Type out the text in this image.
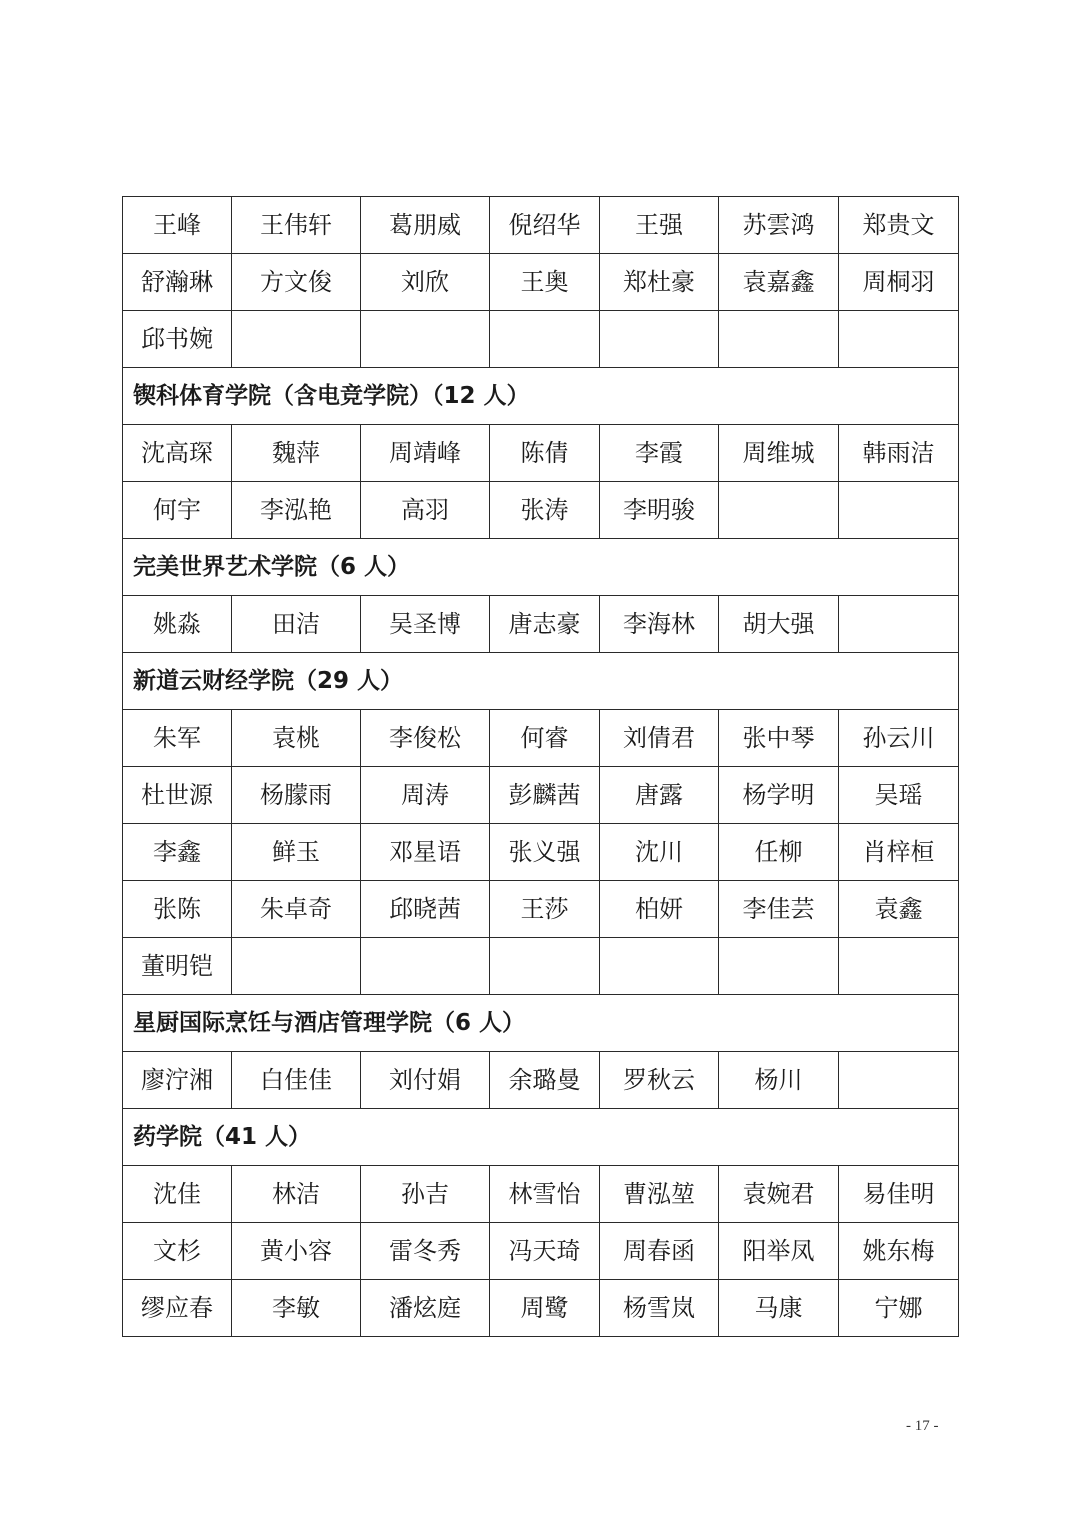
王峰	王伟轩	葛朋威	倪绍华	王强	苏雲鸿	郑贵文
舒瀚琳	方文俊	刘欣	王奥	郑杜豪	袁嘉鑫	周桐羽
邱书婉						
锲科体育学院（含电竞学院）（12 人）						
沈高琛	魏萍	周靖峰	陈倩	李霞	周维城	韩雨洁
何宇	李泓艳	高羽	张涛	李明骏		
完美世界艺术学院（6 人）						
姚淼	田洁	吴圣博	唐志豪	李海林	胡大强	
新道云财经学院（29 人）						
朱军	袁桃	李俊松	何睿	刘倩君	张中琴	孙云川
杜世源	杨朦雨	周涛	彭麟茜	唐露	杨学明	吴瑶
李鑫	鲜玉	邓星语	张义强	沈川	任柳	肖梓桓
张陈	朱卓奇	邱晓茜	王莎	柏妍	李佳芸	袁鑫
董明铠						
星厨国际烹饪与酒店管理学院（6 人）						
廖泞湘	白佳佳	刘付娟	余璐曼	罗秋云	杨川	
药学院（41 人）						
沈佳	林洁	孙吉	林雪怡	曹泓堃	袁婉君	易佳明
文杉	黄小容	雷冬秀	冯天琦	周春函	阳举凤	姚东梅
缪应春	李敏	潘炫庭	周鹭	杨雪岚	马康	宁娜
- 17 -
